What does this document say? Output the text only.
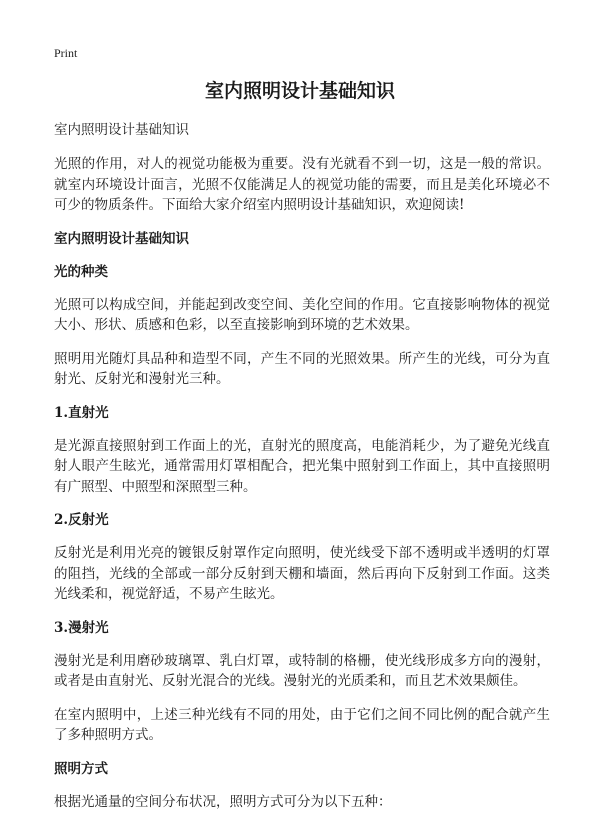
Print
室内照明设计基础知识
室内照明设计基础知识

光照的作用，对人的视觉功能极为重要。没有光就看不到一切，这是一般的常识。就室内环境设计面言，光照不仅能满足人的视觉功能的需要，而且是美化环境必不可少的物质条件。下面给大家介绍室内照明设计基础知识，欢迎阅读!

室内照明设计基础知识
光的种类

光照可以构成空间，并能起到改变空间、美化空间的作用。它直接影响物体的视觉大小、形状、质感和色彩，以至直接影响到环境的艺术效果。

照明用光随灯具品种和造型不同，产生不同的光照效果。所产生的光线，可分为直射光、反射光和漫射光三种。

1.直射光

是光源直接照射到工作面上的光，直射光的照度高，电能消耗少，为了避免光线直射人眼产生眩光，通常需用灯罩相配合，把光集中照射到工作面上，其中直接照明有广照型、中照型和深照型三种。

2.反射光

反射光是利用光亮的镀银反射罩作定向照明，使光线受下部不透明或半透明的灯罩的阻挡，光线的全部或一部分反射到天棚和墙面，然后再向下反射到工作面。这类光线柔和，视觉舒适，不易产生眩光。

3.漫射光

漫射光是利用磨砂玻璃罩、乳白灯罩，或特制的格栅，使光线形成多方向的漫射，或者是由直射光、反射光混合的光线。漫射光的光质柔和，而且艺术效果颇佳。

在室内照明中，上述三种光线有不同的用处，由于它们之间不同比例的配合就产生了多种照明方式。

照明方式

根据光通量的空间分布状况，照明方式可分为以下五种：
